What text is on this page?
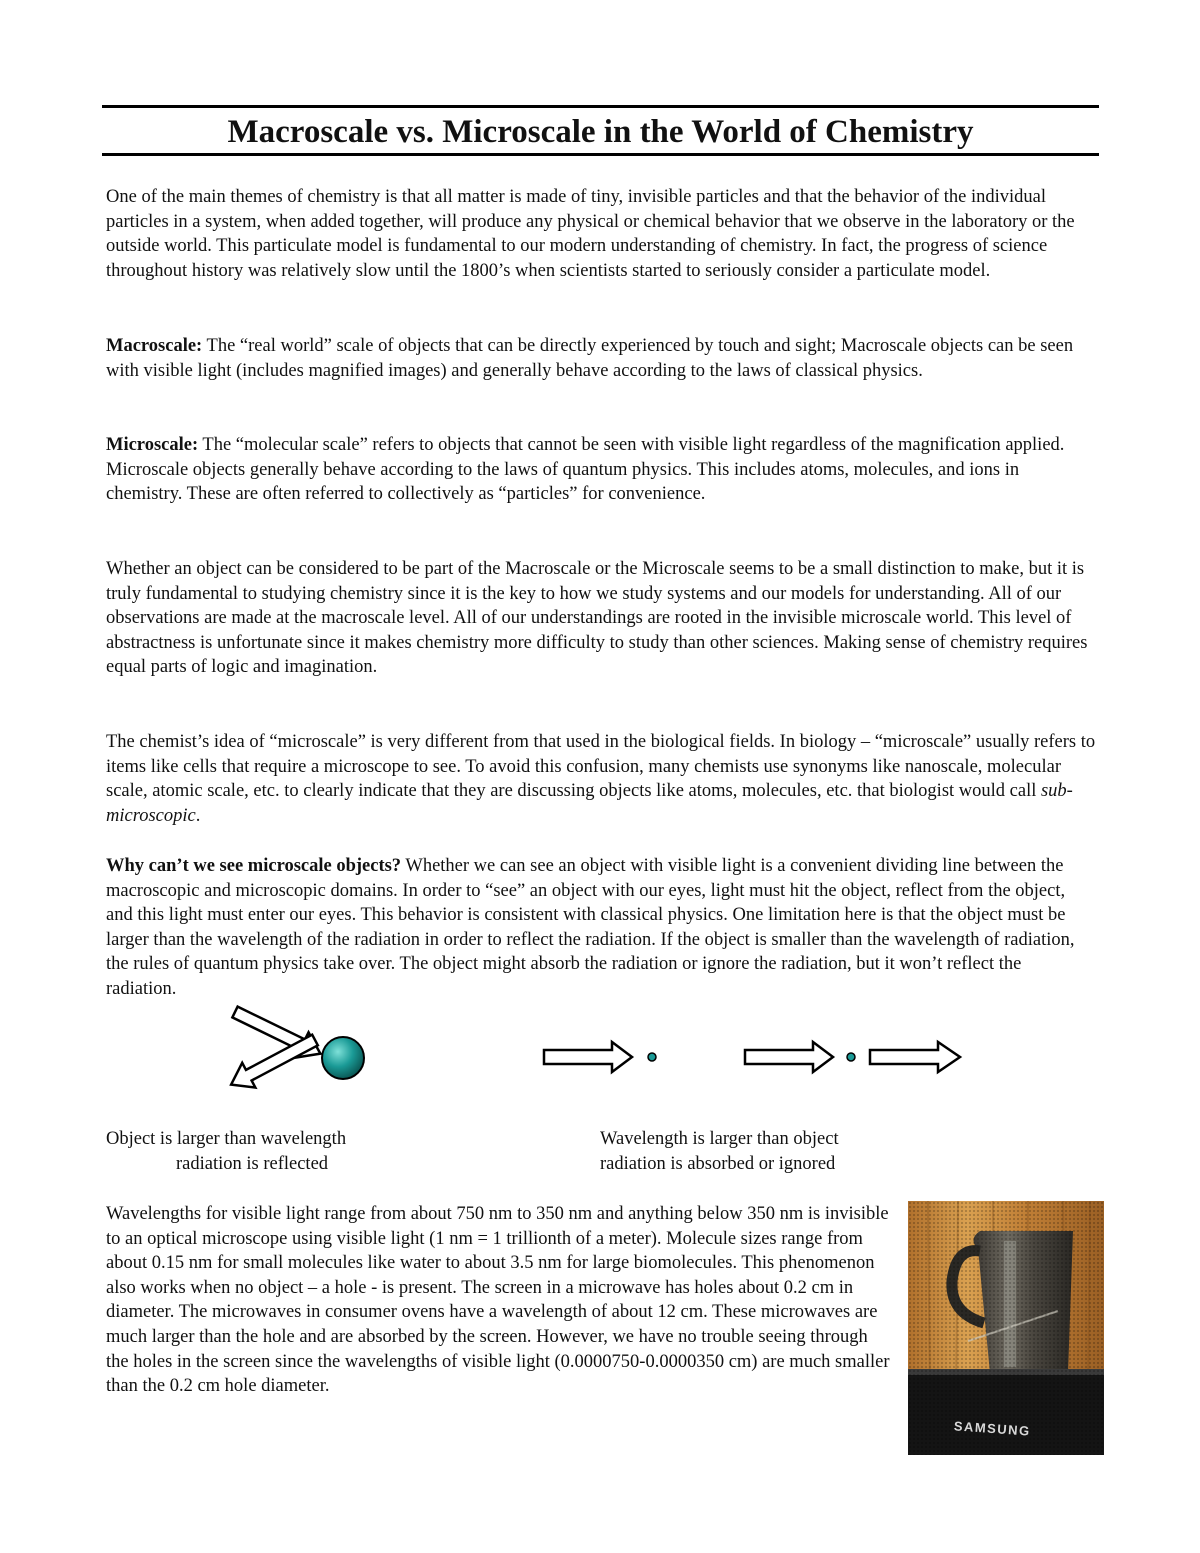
Macroscale vs. Microscale in the World of Chemistry

One of the main themes of chemistry is that all matter is made of tiny, invisible particles and that the behavior of the individual particles in a system, when added together, will produce any physical or chemical behavior that we observe in the laboratory or the outside world. This particulate model is fundamental to our modern understanding of chemistry. In fact, the progress of science throughout history was relatively slow until the 1800’s when scientists started to seriously consider a particulate model.

Macroscale: The “real world” scale of objects that can be directly experienced by touch and sight; Macroscale objects can be seen with visible light (includes magnified images) and generally behave according to the laws of classical physics.

Microscale: The “molecular scale” refers to objects that cannot be seen with visible light regardless of the magnification applied. Microscale objects generally behave according to the laws of quantum physics. This includes atoms, molecules, and ions in chemistry. These are often referred to collectively as “particles” for convenience.

Whether an object can be considered to be part of the Macroscale or the Microscale seems to be a small distinction to make, but it is truly fundamental to studying chemistry since it is the key to how we study systems and our models for understanding. All of our observations are made at the macroscale level. All of our understandings are rooted in the invisible microscale world. This level of abstractness is unfortunate since it makes chemistry more difficulty to study than other sciences. Making sense of chemistry requires equal parts of logic and imagination.

The chemist’s idea of “microscale” is very different from that used in the biological fields. In biology – “microscale” usually refers to items like cells that require a microscope to see. To avoid this confusion, many chemists use synonyms like nanoscale, molecular scale, atomic scale, etc. to clearly indicate that they are discussing objects like atoms, molecules, etc. that biologist would call sub-microscopic.

Why can’t we see microscale objects? Whether we can see an object with visible light is a convenient dividing line between the macroscopic and microscopic domains. In order to “see” an object with our eyes, light must hit the object, reflect from the object, and this light must enter our eyes. This behavior is consistent with classical physics. One limitation here is that the object must be larger than the wavelength of the radiation in order to reflect the radiation. If the object is smaller than the wavelength of radiation, the rules of quantum physics take over. The object might absorb the radiation or ignore the radiation, but it won’t reflect the radiation.

Object is larger than wavelength
radiation is reflected
Wavelength is larger than object
radiation is absorbed or ignored

Wavelengths for visible light range from about 750 nm to 350 nm and anything below 350 nm is invisible to an optical microscope using visible light (1 nm = 1 trillionth of a meter). Molecule sizes range from about 0.15 nm for small molecules like water to about 3.5 nm for large biomolecules. This phenomenon also works when no object – a hole - is present. The screen in a microwave has holes about 0.2 cm in diameter. The microwaves in consumer ovens have a wavelength of about 12 cm. These microwaves are much larger than the hole and are absorbed by the screen. However, we have no trouble seeing through the holes in the screen since the wavelengths of visible light (0.0000750-0.0000350 cm) are much smaller than the 0.2 cm hole diameter.

SAMSUNG
